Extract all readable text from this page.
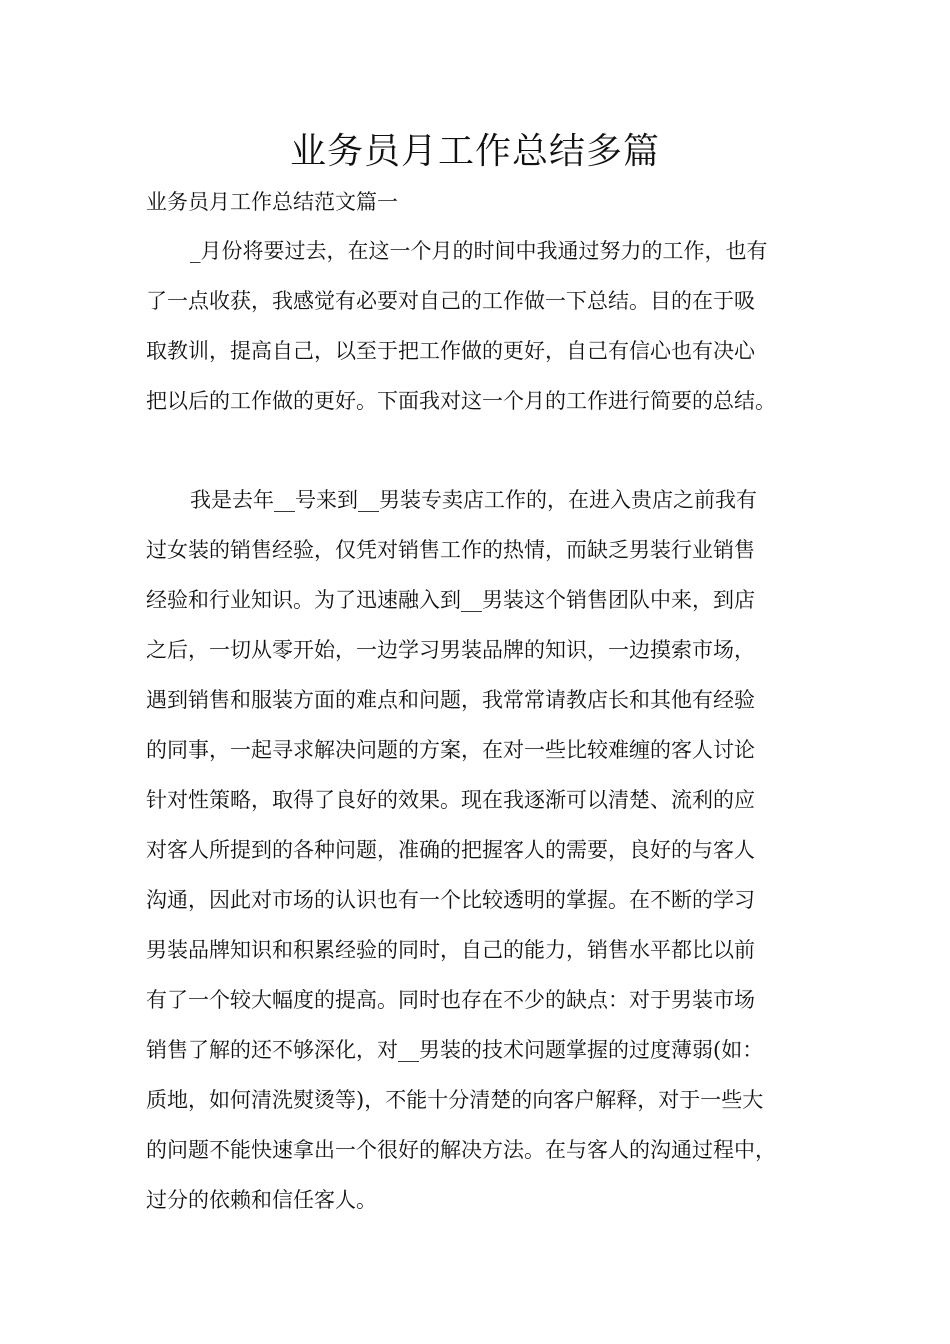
业务员月工作总结多篇

业务员月工作总结范文篇一

_月份将要过去，在这一个月的时间中我通过努力的工作，也有
了一点收获，我感觉有必要对自己的工作做一下总结。目的在于吸
取教训，提高自己，以至于把工作做的更好，自己有信心也有决心
把以后的工作做的更好。下面我对这一个月的工作进行简要的总结。
我是去年__号来到__男装专卖店工作的，在进入贵店之前我有
过女装的销售经验，仅凭对销售工作的热情，而缺乏男装行业销售
经验和行业知识。为了迅速融入到__男装这个销售团队中来，到店
之后，一切从零开始，一边学习男装品牌的知识，一边摸索市场，
遇到销售和服装方面的难点和问题，我常常请教店长和其他有经验
的同事，一起寻求解决问题的方案，在对一些比较难缠的客人讨论
针对性策略，取得了良好的效果。现在我逐渐可以清楚、流利的应
对客人所提到的各种问题，准确的把握客人的需要，良好的与客人
沟通，因此对市场的认识也有一个比较透明的掌握。在不断的学习
男装品牌知识和积累经验的同时，自己的能力，销售水平都比以前
有了一个较大幅度的提高。同时也存在不少的缺点：对于男装市场
销售了解的还不够深化，对__男装的技术问题掌握的过度薄弱(如：
质地，如何清洗熨烫等)，不能十分清楚的向客户解释，对于一些大
的问题不能快速拿出一个很好的解决方法。在与客人的沟通过程中，
过分的依赖和信任客人。
